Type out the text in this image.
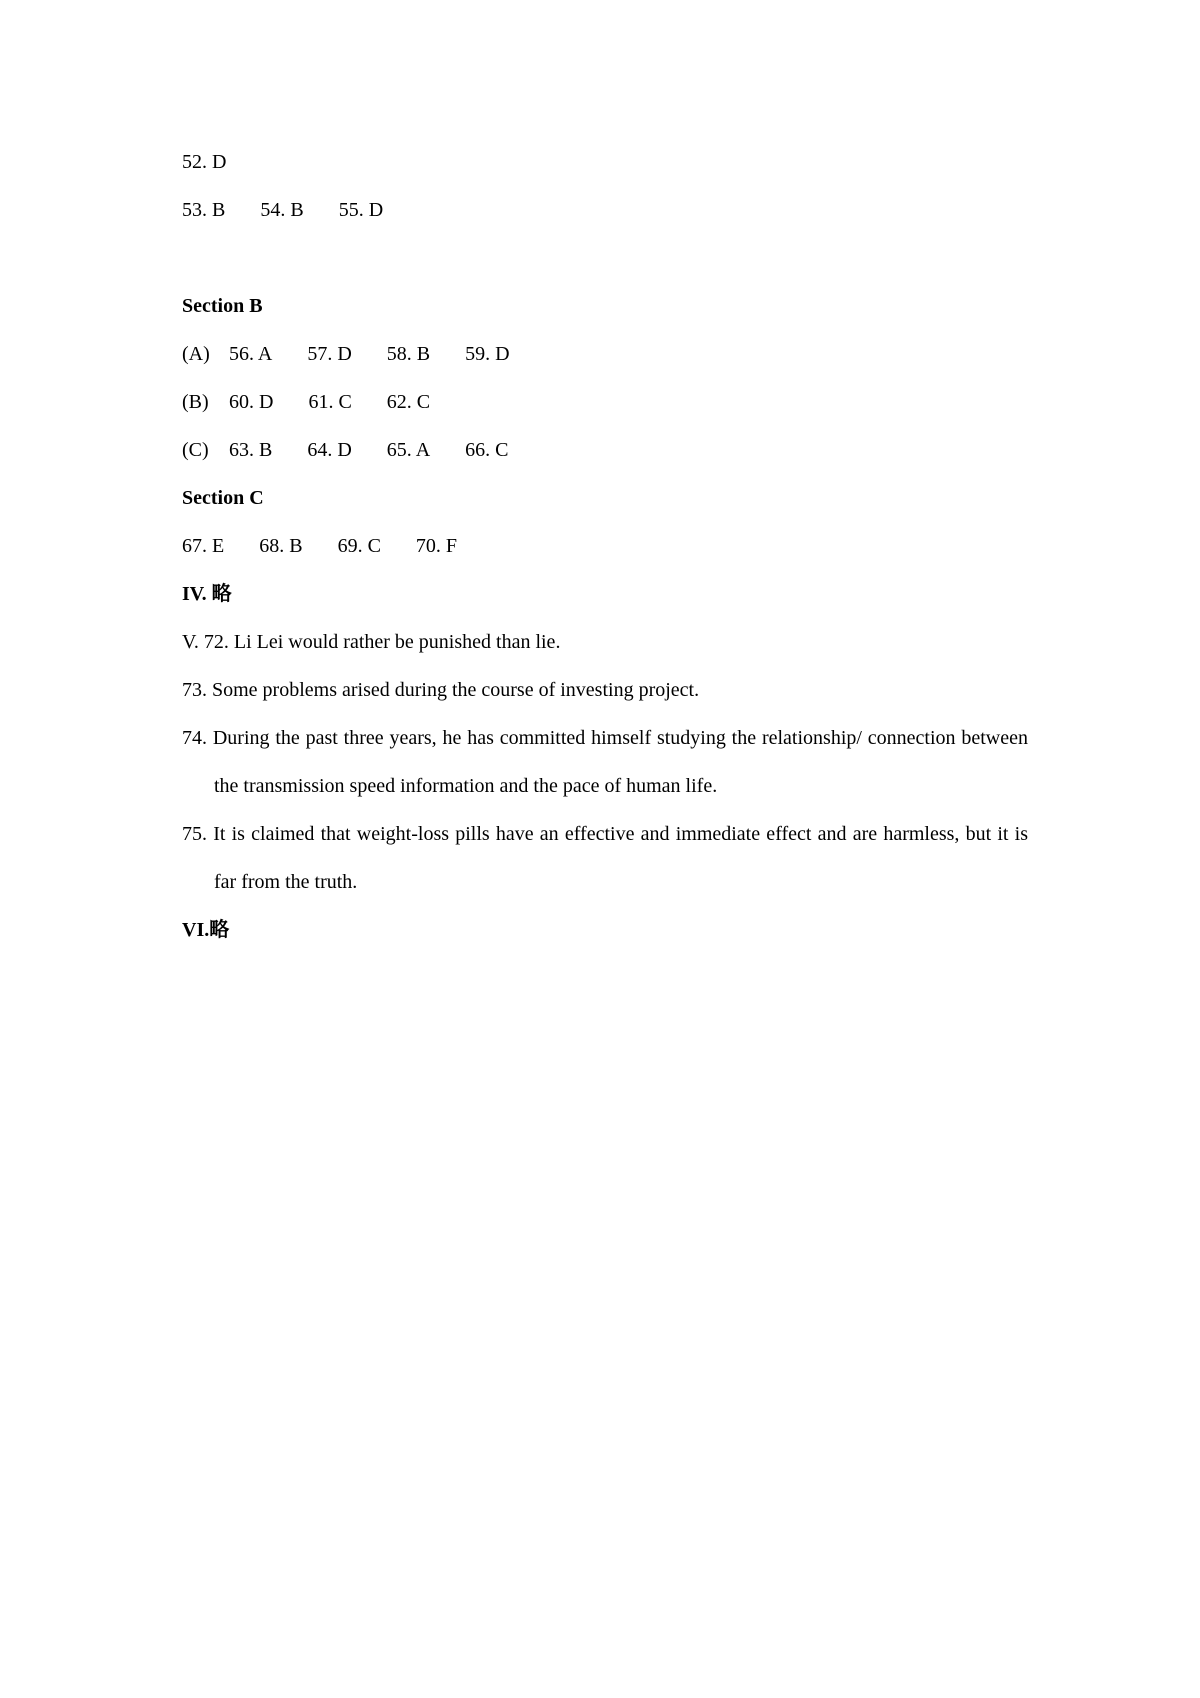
52. D
53. B 54. B 55. D
Section B
(A) 56. A 57. D 58. B 59. D
(B) 60. D 61. C 62. C
(C) 63. B 64. D 65. A 66. C
Section C
67. E 68. B 69. C 70. F
IV. 略
V. 72. Li Lei would rather be punished than lie.
73. Some problems arised during the course of investing project.
74. During the past three years, he has committed himself studying the relationship/ connection between the transmission speed information and the pace of human life.
75. It is claimed that weight-loss pills have an effective and immediate effect and are harmless, but it is far from the truth.
VI.略
